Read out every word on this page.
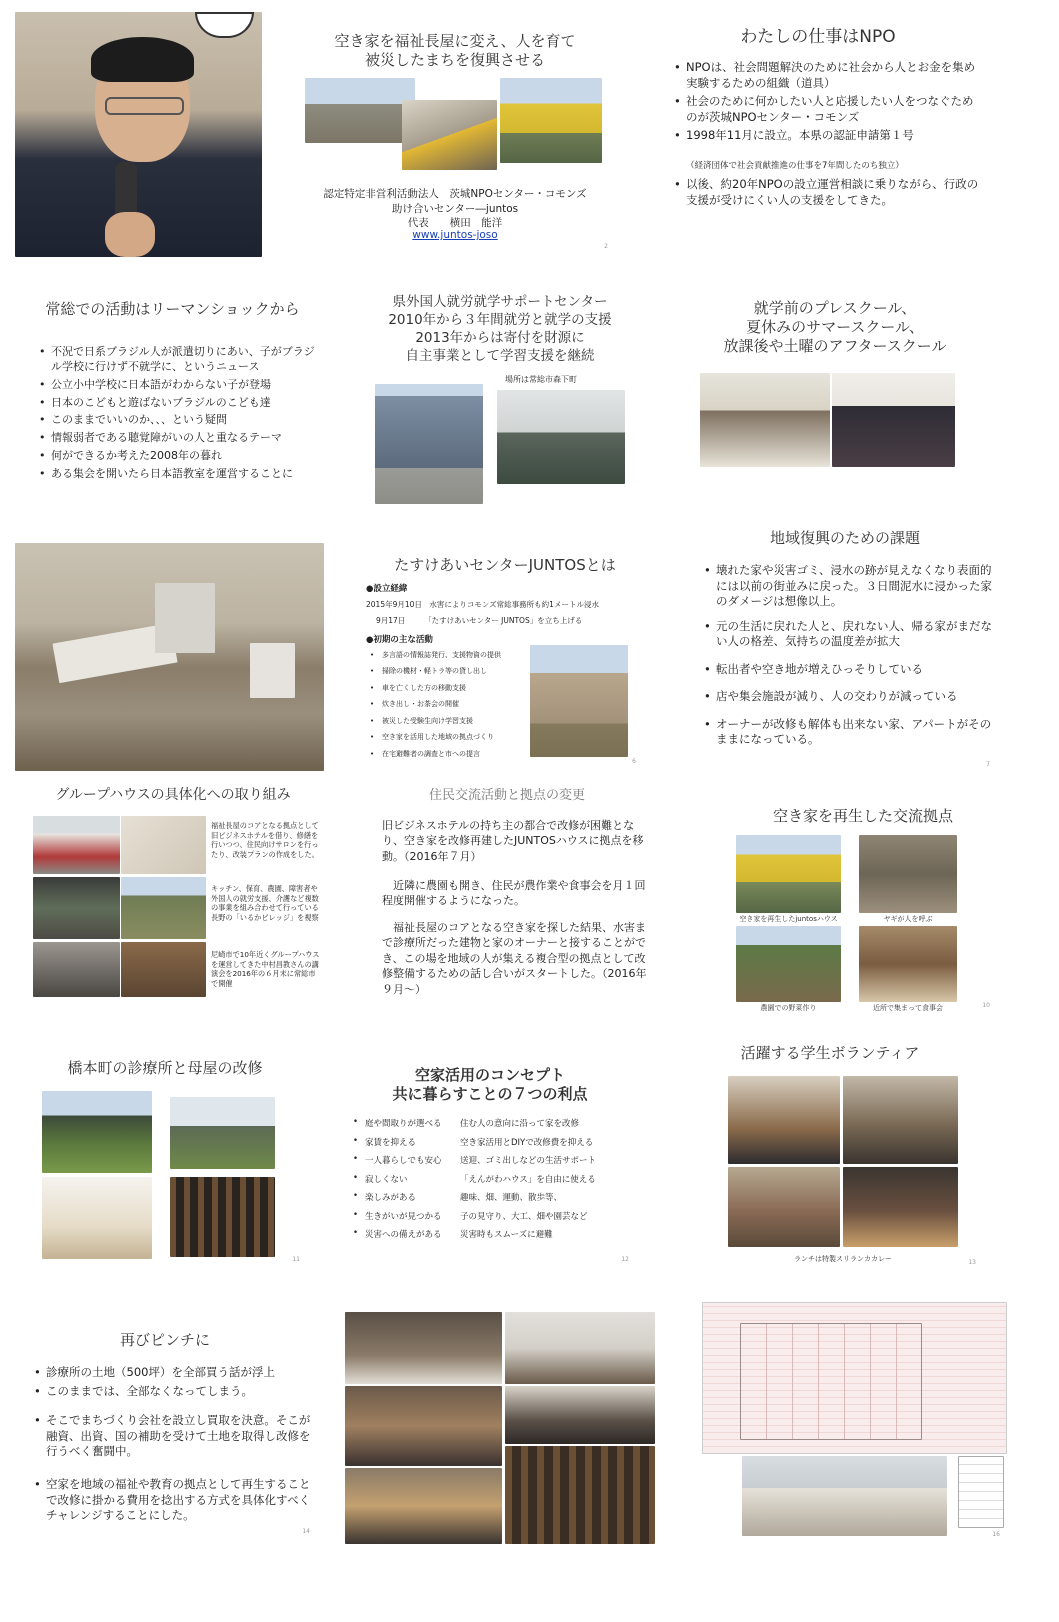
空き家を福祉長屋に変え、人を育て
被災したまちを復興させる
認定特定非営利活動法人　茨城NPOセンター・コモンズ
助け合いセンター―juntos
代表　　横田　能洋
www.juntos-joso
2
わたしの仕事はNPO
• NPOは、社会問題解決のために社会から人とお金を集め実験するための組織（道具）
• 社会のために何かしたい人と応援したい人をつなぐためのが茨城NPOセンター・コモンズ
• 1998年11月に設立。本県の認証申請第１号
（経済団体で社会貢献推進の仕事を7年間したのち独立）
• 以後、約20年NPOの設立運営相談に乗りながら、行政の支援が受けにくい人の支援をしてきた。
常総での活動はリーマンショックから
• 不況で日系ブラジル人が派遣切りにあい、子がブラジル学校に行けず不就学に、というニュース
• 公立小中学校に日本語がわからない子が登場
• 日本のこどもと遊ばないブラジルのこども達
• このままでいいのか、、、という疑問
• 情報弱者である聴覚障がいの人と重なるテーマ
• 何ができるか考えた2008年の暮れ
• ある集会を開いたら日本語教室を運営することに
県外国人就労就学サポートセンター
2010年から３年間就労と就学の支援
2013年からは寄付を財源に
自主事業として学習支援を継続
場所は常総市森下町
就学前のプレスクール、
夏休みのサマースクール、
放課後や土曜のアフタースクール
たすけあいセンターJUNTOSとは
●設立経緯
2015年9月10日　水害によりコモンズ常総事務所も約1メートル浸水
9月17日　　　「たすけあいセンター JUNTOS」を立ち上げる
●初期の主な活動
• 多言語の情報誌発行、支援物資の提供
• 掃除の機材・軽トラ等の貸し出し
• 車を亡くした方の移動支援
• 炊き出し・お茶会の開催
• 被災した受験生向け学習支援
• 空き家を活用した地域の拠点づくり
• 在宅避難者の調査と市への提言
6
地域復興のための課題
• 壊れた家や災害ゴミ、浸水の跡が見えなくなり表面的には以前の街並みに戻った。３日間泥水に浸かった家のダメージは想像以上。
• 元の生活に戻れた人と、戻れない人、帰る家がまだない人の格差、気持ちの温度差が拡大
• 転出者や空き地が増えひっそりしている
• 店や集会施設が減り、人の交わりが減っている
• オーナーが改修も解体も出来ない家、アパートがそのままになっている。
7
グループハウスの具体化への取り組み
福祉長屋のコアとなる拠点として旧ビジネスホテルを借り、修繕を行いつつ、住民向けサロンを行ったり、改装プランの作成をした。
キッチン、保育、農園、障害者や外国人の就労支援、介護など複数の事業を組み合わせて行っている長野の「いるかビレッジ」を視察
尼崎市で10年近くグループハウスを運営してきた中村昌教さんの講演会を2016年の６月末に常総市で開催
住民交流活動と拠点の変更
旧ビジネスホテルの持ち主の都合で改修が困難となり、空き家を改修再建したJUNTOSハウスに拠点を移動。（2016年７月）
近隣に農園も開き、住民が農作業や食事会を月１回程度開催するようになった。
福祉長屋のコアとなる空き家を探した結果、水害まで診療所だった建物と家のオーナーと接することができ、この場を地域の人が集える複合型の拠点として改修整備するための話し合いがスタートした。（2016年９月～）
空き家を再生した交流拠点
空き家を再生したjuntosハウス	ヤギが人を呼ぶ
農園での野菜作り	近所で集まって食事会	10
橋本町の診療所と母屋の改修
11
空家活用のコンセプト
共に暮らすことの７つの利点
• 庭や間取りが選べる	住む人の意向に沿って家を改修
• 家賃を抑える	空き家活用とDIYで改修費を抑える
• 一人暮らしでも安心	送迎、ゴミ出しなどの生活サポート
• 寂しくない	「えんがわハウス」を自由に使える
• 楽しみがある	趣味、畑、運動、散歩等、
• 生きがいが見つかる	子の見守り、大工、畑や園芸など
• 災害への備えがある	災害時もスムーズに避難
12
活躍する学生ボランティア
ランチは特製スリランカカレー	13
再びピンチに
• 診療所の土地（500坪）を全部買う話が浮上
• このままでは、全部なくなってしまう。
• そこでまちづくり会社を設立し買取を決意。そこが融資、出資、国の補助を受けて土地を取得し改修を行うべく奮闘中。
• 空家を地域の福祉や教育の拠点として再生することで改修に掛かる費用を捻出する方式を具体化すべくチャレンジすることにした。
14	16
